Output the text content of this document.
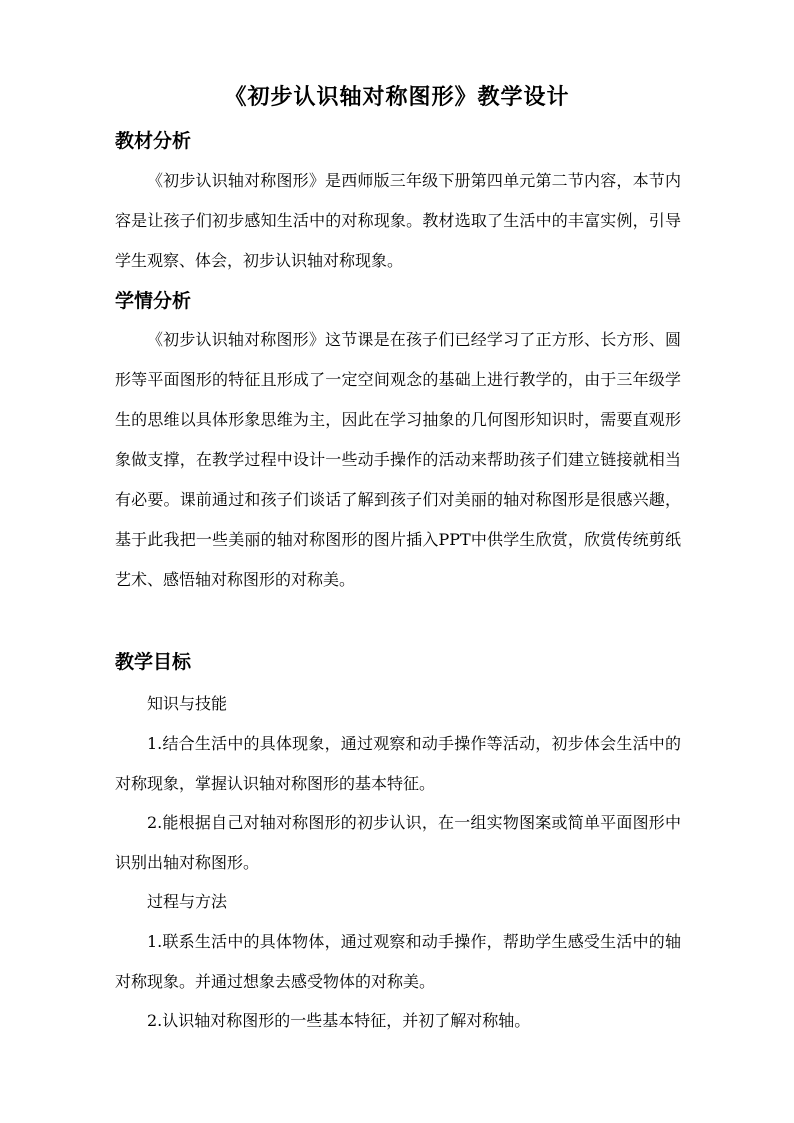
《初步认识轴对称图形》教学设计
教材分析

《初步认识轴对称图形》是西师版三年级下册第四单元第二节内容，本节内容是让孩子们初步感知生活中的对称现象。教材选取了生活中的丰富实例，引导学生观察、体会，初步认识轴对称现象。

学情分析

《初步认识轴对称图形》这节课是在孩子们已经学习了正方形、长方形、圆形等平面图形的特征且形成了一定空间观念的基础上进行教学的，由于三年级学生的思维以具体形象思维为主，因此在学习抽象的几何图形知识时，需要直观形象做支撑，在教学过程中设计一些动手操作的活动来帮助孩子们建立链接就相当有必要。课前通过和孩子们谈话了解到孩子们对美丽的轴对称图形是很感兴趣，基于此我把一些美丽的轴对称图形的图片插入PPT中供学生欣赏，欣赏传统剪纸艺术、感悟轴对称图形的对称美。

教学目标
知识与技能

1.结合生活中的具体现象，通过观察和动手操作等活动，初步体会生活中的对称现象，掌握认识轴对称图形的基本特征。

2.能根据自己对轴对称图形的初步认识，在一组实物图案或简单平面图形中识别出轴对称图形。

过程与方法

1.联系生活中的具体物体，通过观察和动手操作，帮助学生感受生活中的轴对称现象。并通过想象去感受物体的对称美。

2.认识轴对称图形的一些基本特征，并初了解对称轴。
